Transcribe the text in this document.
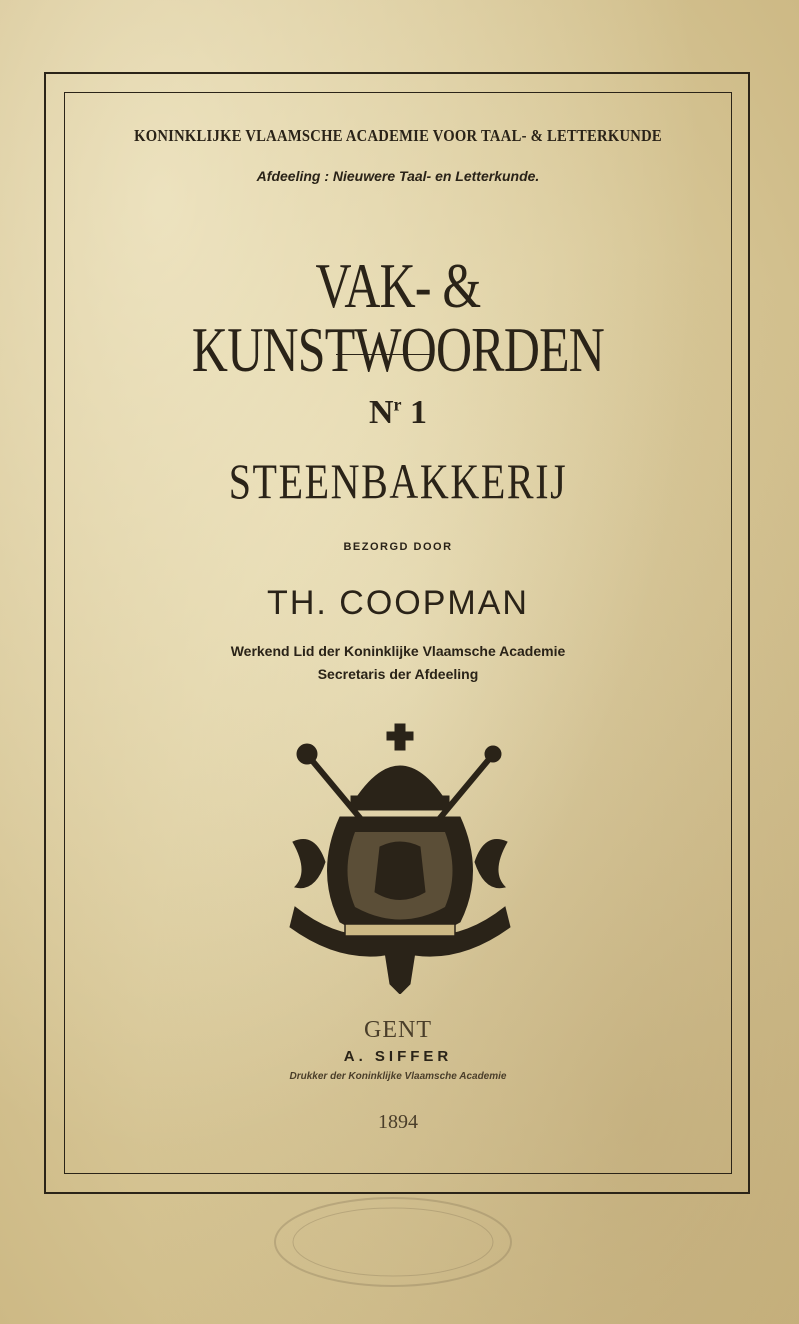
KONINKLIJKE VLAAMSCHE ACADEMIE VOOR TAAL- & LETTERKUNDE
Afdeeling : Nieuwere Taal- en Letterkunde.
VAK- & KUNSTWOORDEN
$N^r$ 1
STEENBAKKERIJ
BEZORGD DOOR
TH. COOPMAN
Werkend Lid der Koninklijke Vlaamsche Academie
Secretaris der Afdeeling
GENT
A. SIFFER
Drukker der Koninklijke Vlaamsche Academie
1894
